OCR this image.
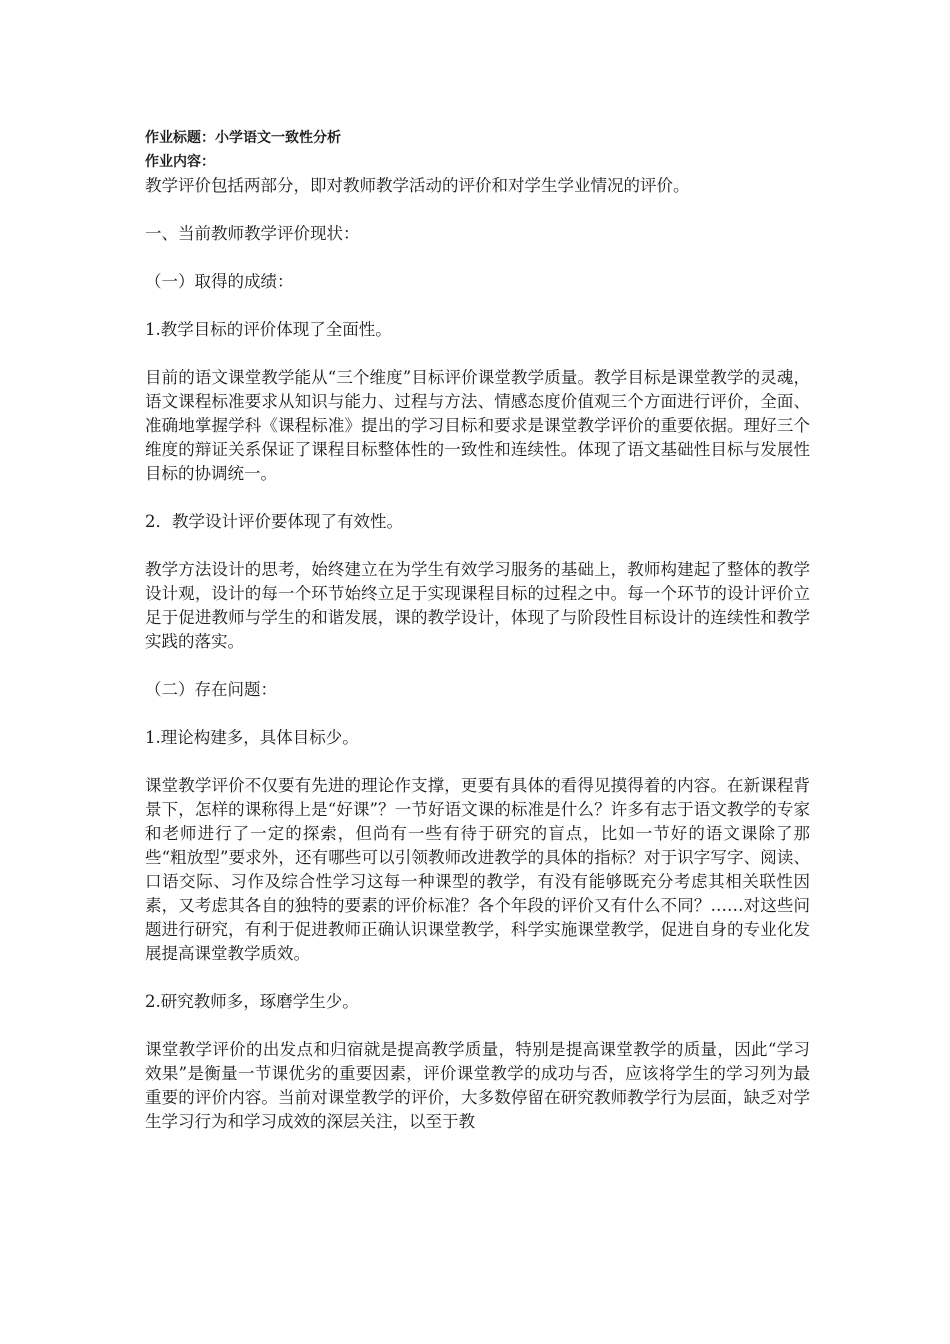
作业标题：小学语文一致性分析

作业内容：

教学评价包括两部分，即对教师教学活动的评价和对学生学业情况的评价。

一、当前教师教学评价现状：

（一）取得的成绩：

1.教学目标的评价体现了全面性。

目前的语文课堂教学能从“三个维度”目标评价课堂教学质量。教学目标是课堂教学的灵魂，语文课程标准要求从知识与能力、过程与方法、情感态度价值观三个方面进行评价，全面、准确地掌握学科《课程标准》提出的学习目标和要求是课堂教学评价的重要依据。理好三个维度的辩证关系保证了课程目标整体性的一致性和连续性。体现了语文基础性目标与发展性目标的协调统一。

2．教学设计评价要体现了有效性。

教学方法设计的思考，始终建立在为学生有效学习服务的基础上，教师构建起了整体的教学设计观，设计的每一个环节始终立足于实现课程目标的过程之中。每一个环节的设计评价立足于促进教师与学生的和谐发展，课的教学设计，体现了与阶段性目标设计的连续性和教学实践的落实。

（二）存在问题：

1.理论构建多，具体目标少。

课堂教学评价不仅要有先进的理论作支撑，更要有具体的看得见摸得着的内容。在新课程背景下，怎样的课称得上是“好课”？一节好语文课的标准是什么？许多有志于语文教学的专家和老师进行了一定的探索，但尚有一些有待于研究的盲点，比如一节好的语文课除了那些“粗放型”要求外，还有哪些可以引领教师改进教学的具体的指标？对于识字写字、阅读、口语交际、习作及综合性学习这每一种课型的教学，有没有能够既充分考虑其相关联性因素，又考虑其各自的独特的要素的评价标准？各个年段的评价又有什么不同？……对这些问题进行研究，有利于促进教师正确认识课堂教学，科学实施课堂教学，促进自身的专业化发展提高课堂教学质效。

2.研究教师多，琢磨学生少。

课堂教学评价的出发点和归宿就是提高教学质量，特别是提高课堂教学的质量，因此“学习效果”是衡量一节课优劣的重要因素，评价课堂教学的成功与否，应该将学生的学习列为最重要的评价内容。当前对课堂教学的评价，大多数停留在研究教师教学行为层面，缺乏对学生学习行为和学习成效的深层关注，以至于教
